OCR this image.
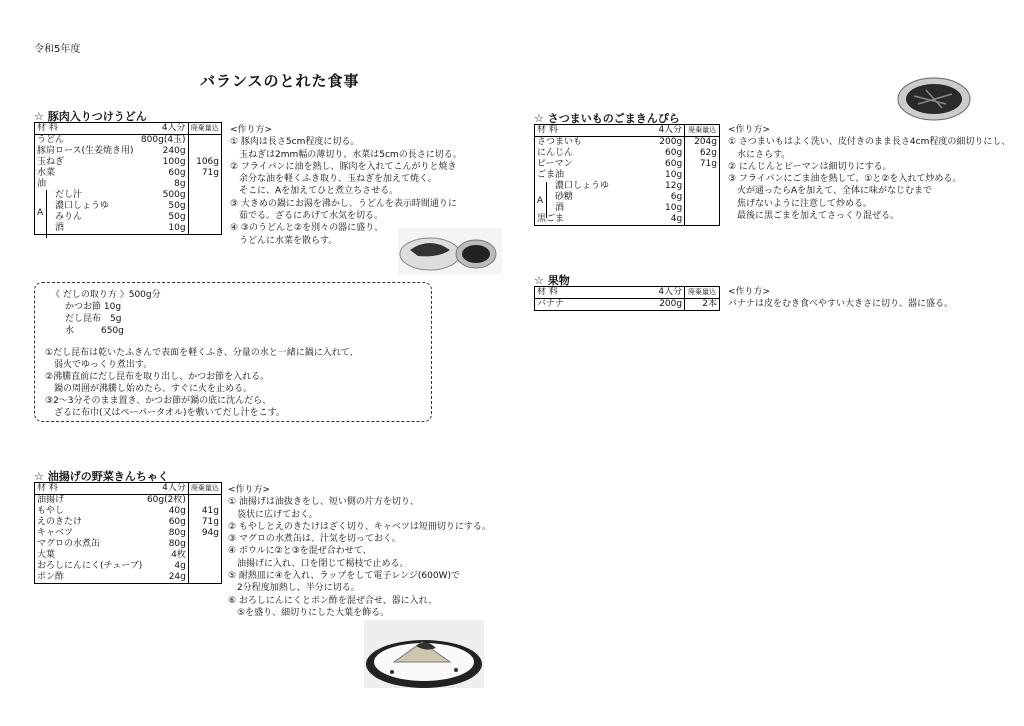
令和5年度
バランスのとれた食事
☆ 豚肉入りつけうどん
材 料	4人分	廃棄量込
うどん	800g(4玉)	
豚肩ロース(生姜焼き用)	240g	
玉ねぎ	100g	106g
水菜	60g	71g
油	8g	
だし汁	500g	
濃口しょうゆ	50g	
みりん	50g	
酒	10g	
A
<作り方>
① 豚肉は長さ5cm程度に切る。
　玉ねぎは2mm幅の薄切り、水菜は5cmの長さに切る。
② フライパンに油を熱し、豚肉を入れてこんがりと焼き
　余分な油を軽くふき取り、玉ねぎを加えて焼く。
　そこに、Aを加えてひと煮立ちさせる。
③ 大きめの鍋にお湯を沸かし、うどんを表示時間通りに
　茹でる。ざるにあげて水気を切る。
④ ③のうどんと②を別々の器に盛り、
　うどんに水菜を散らす。
《 だしの取り方 》500g分
かつお節 10g
だし昆布　5g
水　　　650g
①だし昆布は乾いたふきんで表面を軽くふき、分量の水と一緒に鍋に入れて、
　弱火でゆっくり煮出す。
②沸騰直前にだし昆布を取り出し、かつお節を入れる。
　鍋の周囲が沸騰し始めたら、すぐに火を止める。
③2～3分そのまま置き、かつお節が鍋の底に沈んだら、
　ざるに布巾(又はペーパータオル)を敷いてだし汁をこす。
☆ 油揚げの野菜きんちゃく
材 料	4人分	廃棄量込
油揚げ	60g(2枚)	
もやし	40g	41g
えのきたけ	60g	71g
キャベツ	80g	94g
マグロの水煮缶	80g	
大葉	4枚	
おろしにんにく(チューブ)	4g	
ポン酢	24g	
<作り方>
① 油揚げは油抜きをし、短い側の片方を切り、
　袋状に広げておく。
② もやしとえのきたけはざく切り、キャベツは短冊切りにする。
③ マグロの水煮缶は、汁気を切っておく。
④ ボウルに②と③を混ぜ合わせて、
　油揚げに入れ、口を閉じて楊枝で止める。
⑤ 耐熱皿に④を入れ、ラップをして電子レンジ(600W)で
　2分程度加熱し、半分に切る。
⑥ おろしにんにくとポン酢を混ぜ合せ、器に入れ、
　⑤を盛り、細切りにした大葉を飾る。
☆ さつまいものごまきんぴら
材 料	4人分	廃棄量込
さつまいも	200g	204g
にんじん	60g	62g
ピーマン	60g	71g
ごま油	10g	
濃口しょうゆ	12g	
砂糖	6g	
酒	10g	
黒ごま	4g	
A
<作り方>
① さつまいもはよく洗い、皮付きのまま長さ4cm程度の細切りにし、
　水にさらす。
② にんじんとピーマンは細切りにする。
③ フライパンにごま油を熱して、①と②を入れて炒める。
　火が通ったらAを加えて、全体に味がなじむまで
　焦げないように注意して炒める。
　最後に黒ごまを加えてさっくり混ぜる。
☆ 果物
材 料	4人分	廃棄量込
バナナ	200g	2本
<作り方>
バナナは皮をむき食べやすい大きさに切り、器に盛る。
